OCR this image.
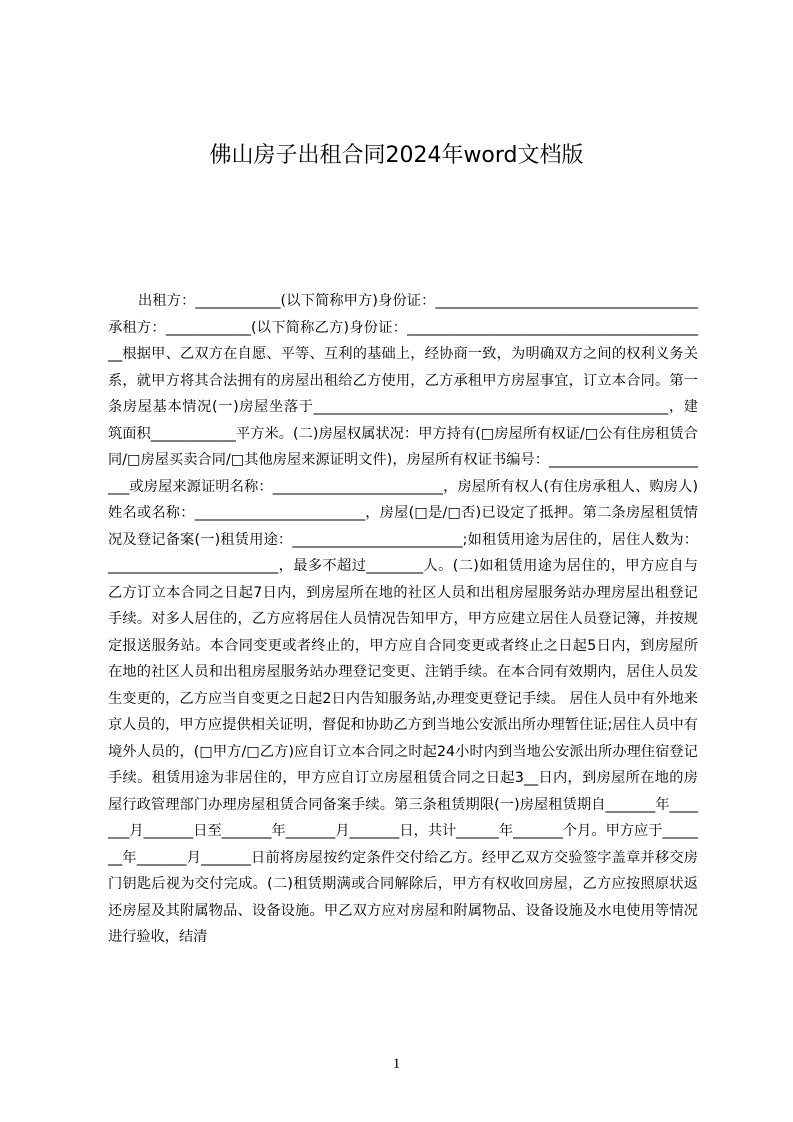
佛山房子出租合同2024年word文档版

出租方：____________(以下简称甲方)身份证：_____________________________________承租方：____________(以下简称乙方)身份证：___________________________________________根据甲、乙双方在自愿、平等、互利的基础上，经协商一致，为明确双方之间的权利义务关系，就甲方将其合法拥有的房屋出租给乙方使用，乙方承租甲方房屋事宜，订立本合同。第一条房屋基本情况(一)房屋坐落于__________________________________________________，建筑面积____________平方米。(二)房屋权属状况：甲方持有(□房屋所有权证/□公有住房租赁合同/□房屋买卖合同/□其他房屋来源证明文件)，房屋所有权证书编号：________________________或房屋来源证明名称：________________________，房屋所有权人(有住房承租人、购房人)姓名或名称：________________________，房屋(□是/□否)已设定了抵押。第二条房屋租赁情况及登记备案(一)租赁用途：________________________;如租赁用途为居住的，居住人数为：________________________，最多不超过________人。(二)如租赁用途为居住的，甲方应自与乙方订立本合同之日起7日内，到房屋所在地的社区人员和出租房屋服务站办理房屋出租登记手续。对多人居住的，乙方应将居住人员情况告知甲方，甲方应建立居住人员登记簿，并按规定报送服务站。本合同变更或者终止的，甲方应自合同变更或者终止之日起5日内，到房屋所在地的社区人员和出租房屋服务站办理登记变更、注销手续。在本合同有效期内，居住人员发生变更的，乙方应当自变更之日起2日内告知服务站,办理变更登记手续。 居住人员中有外地来京人员的，甲方应提供相关证明，督促和协助乙方到当地公安派出所办理暂住证;居住人员中有境外人员的，(□甲方/□乙方)应自订立本合同之时起24小时内到当地公安派出所办理住宿登记手续。租赁用途为非居住的，甲方应自订立房屋租赁合同之日起3__日内，到房屋所在地的房屋行政管理部门办理房屋租赁合同备案手续。第三条租赁期限(一)房屋租赁期自_______年_______月_______日至_______年_______月_______日，共计______年_______个月。甲方应于_______年_______月_______日前将房屋按约定条件交付给乙方。经甲乙双方交验签字盖章并移交房门钥匙后视为交付完成。(二)租赁期满或合同解除后，甲方有权收回房屋，乙方应按照原状返还房屋及其附属物品、设备设施。甲乙双方应对房屋和附属物品、设备设施及水电使用等情况进行验收，结清

1
